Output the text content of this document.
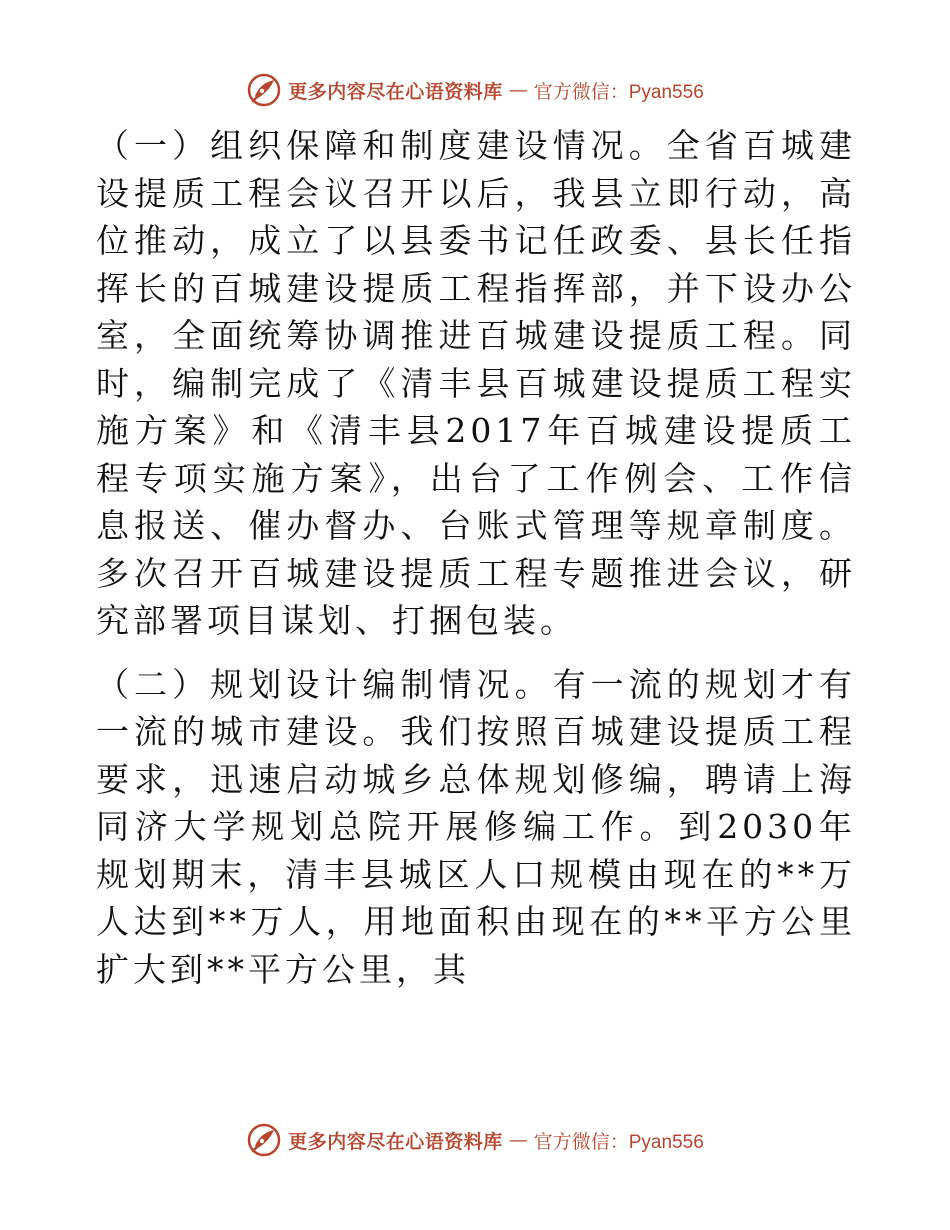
更多内容尽在心语资料库 — 官方微信：Pyan556

（一）组织保障和制度建设情况。全省百城建设提质工程会议召开以后，我县立即行动，高位推动，成立了以县委书记任政委、县长任指挥长的百城建设提质工程指挥部，并下设办公室，全面统筹协调推进百城建设提质工程。同时，编制完成了《清丰县百城建设提质工程实施方案》和《清丰县2017年百城建设提质工程专项实施方案》，出台了工作例会、工作信息报送、催办督办、台账式管理等规章制度。多次召开百城建设提质工程专题推进会议，研究部署项目谋划、打捆包装。

（二）规划设计编制情况。有一流的规划才有一流的城市建设。我们按照百城建设提质工程要求，迅速启动城乡总体规划修编，聘请上海同济大学规划总院开展修编工作。到2030年规划期末，清丰县城区人口规模由现在的**万人达到**万人，用地面积由现在的**平方公里扩大到**平方公里，其

更多内容尽在心语资料库 — 官方微信：Pyan556
